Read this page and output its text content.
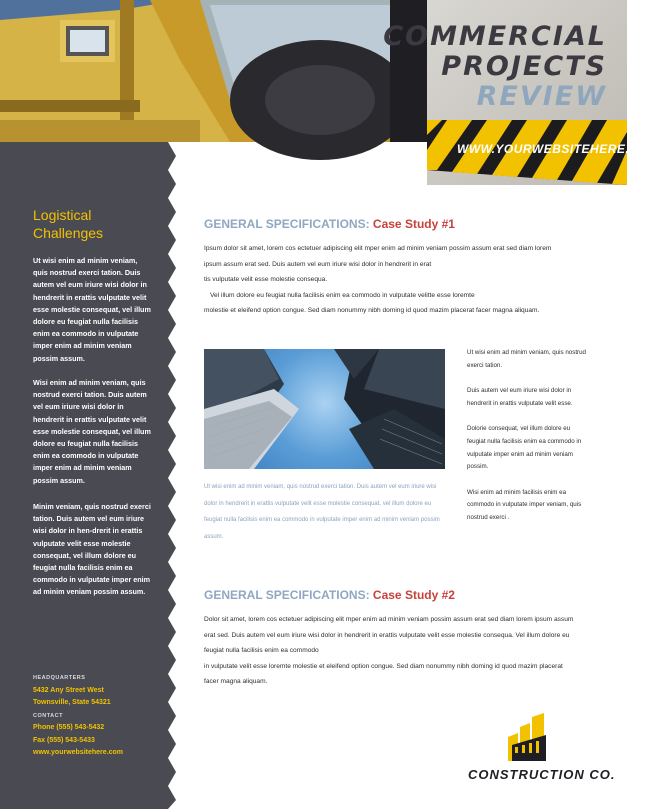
COMMERCIAL
PROJECTS
REVIEW
WWW.YOURWEBSITEHERE.COM
Logistical Challenges
Ut wisi enim ad minim veniam, quis nostrud exerci tation. Duis autem vel eum iriure wisi dolor in hendrerit in erattis vulputate velit esse molestie consequat, vel illum dolore eu feugiat nulla facilisis enim ea commodo in vulputate imper enim ad minim veniam possim assum.
Wisi enim ad minim veniam, quis nostrud exerci tation. Duis autem vel eum iriure wisi dolor in hendrerit in erattis vulputate velit esse molestie consequat, vel illum dolore eu feugiat nulla facilisis enim ea commodo in vulputate imper enim ad minim veniam possim assum.
Minim veniam, quis nostrud exerci tation. Duis autem vel eum iriure wisi dolor in hen-drerit in erattis vulputate velit esse molestie consequat, vel illum dolore eu feugiat nulla facilisis enim ea commodo in vulputate imper enim ad minim veniam possim assum.
HEADQUARTERS
5432 Any Street West
Townsville, State 54321
CONTACT
Phone (555) 543-5432
Fax (555) 543-5433
www.yourwebsitehere.com
GENERAL SPECIFICATIONS: Case Study #1
Ipsum dolor sit amet, lorem cos ectetuer adipiscing elit mper enim ad minim veniam possim assum erat sed diam lorem
ipsum assum erat sed. Duis autem vel eum iriure wisi dolor in hendrerit in erat
tis vulputate velit esse molestie consequa.
Vel illum dolore eu feugiat nulla facilisis enim ea commodo in vulputate velitte esse loremte
molestie et eleifend option congue. Sed diam nonummy nibh doming id quod mazim placerat facer magna aliquam.
Ut wisi enim ad minim veniam, quis nostrud exerci tation. Duis autem vel eum iriure wisi dolor in hendrerit in erattis vulputate velit esse molestie consequat, vel illum dolore eu feugiat nulla facilisis enim ea commodo in vulputate imper enim ad minim veniam possim assum.

Ut wisi enim ad minim veniam, quis nostrud exerci tation.

Duis autem vel eum iriure wisi dolor in hendrerit in erattis vulputate velit esse.

Dolorie consequat, vel illum dolore eu feugiat nulla facilisis enim ea commodo in vulputate imper enim ad minim veniam possim.

Wisi enim ad minim facilisis enim ea commodo in vulputate imper veniam, quis nostrud exerci .

GENERAL SPECIFICATIONS: Case Study #2
Dolor sit amet, lorem cos ectetuer adipiscing elit mper enim ad minim veniam possim assum erat sed diam lorem ipsum assum
erat sed. Duis autem vel eum iriure wisi dolor in hendrerit in erattis vulputate velit esse molestie consequa. Vel illum dolore eu
feugiat nulla facilisis enim ea commodo
in vulputate velit esse loremte molestie et eleifend option congue. Sed diam nonummy nibh doming id quod mazim placerat
facer magna aliquam.
CONSTRUCTION CO.
